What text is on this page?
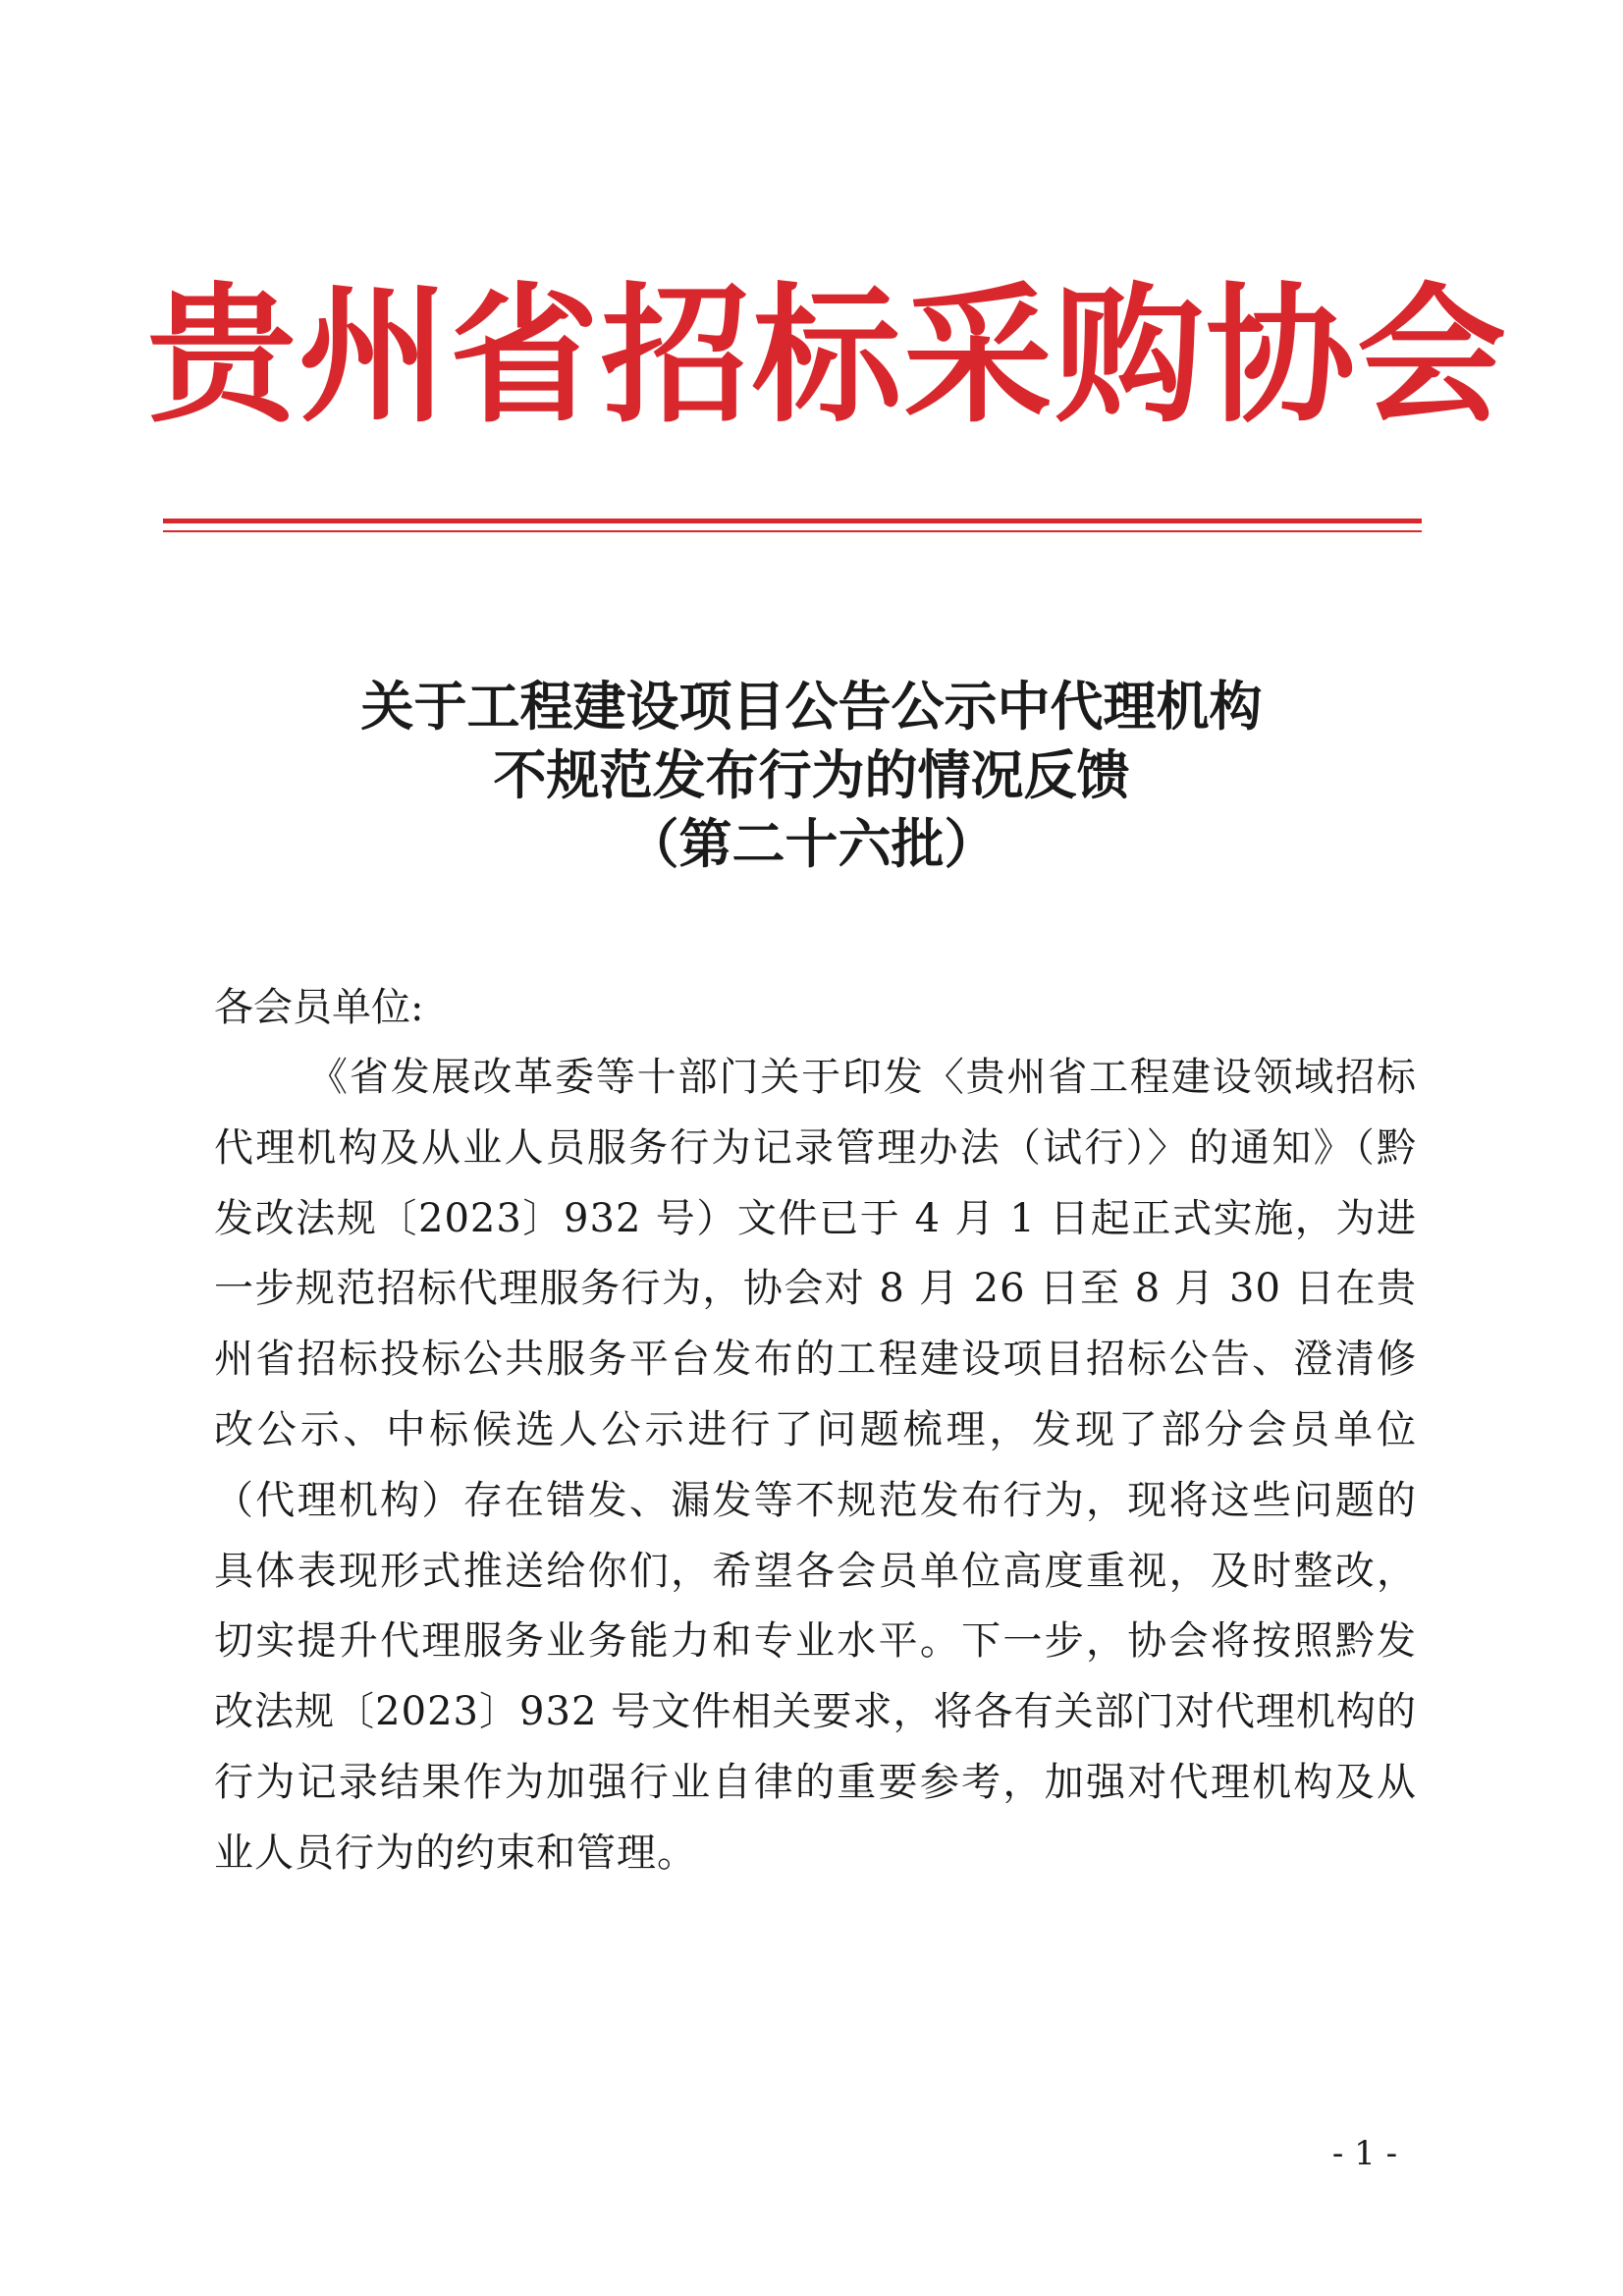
贵州省招标采购协会
关于工程建设项目公告公示中代理机构
不规范发布行为的情况反馈
（第二十六批）
各会员单位:
《省发展改革委等十部门关于印发〈贵州省工程建设领域招标代理机构及从业人员服务行为记录管理办法（试行）〉的通知》（黔发改法规〔2023〕932 号）文件已于 4 月 1 日起正式实施，为进一步规范招标代理服务行为，协会对 8 月 26 日至 8 月 30 日在贵州省招标投标公共服务平台发布的工程建设项目招标公告、澄清修改公示、中标候选人公示进行了问题梳理，发现了部分会员单位（代理机构）存在错发、漏发等不规范发布行为，现将这些问题的具体表现形式推送给你们，希望各会员单位高度重视，及时整改，切实提升代理服务业务能力和专业水平。下一步，协会将按照黔发改法规〔2023〕932 号文件相关要求，将各有关部门对代理机构的行为记录结果作为加强行业自律的重要参考，加强对代理机构及从业人员行为的约束和管理。
- 1 -
